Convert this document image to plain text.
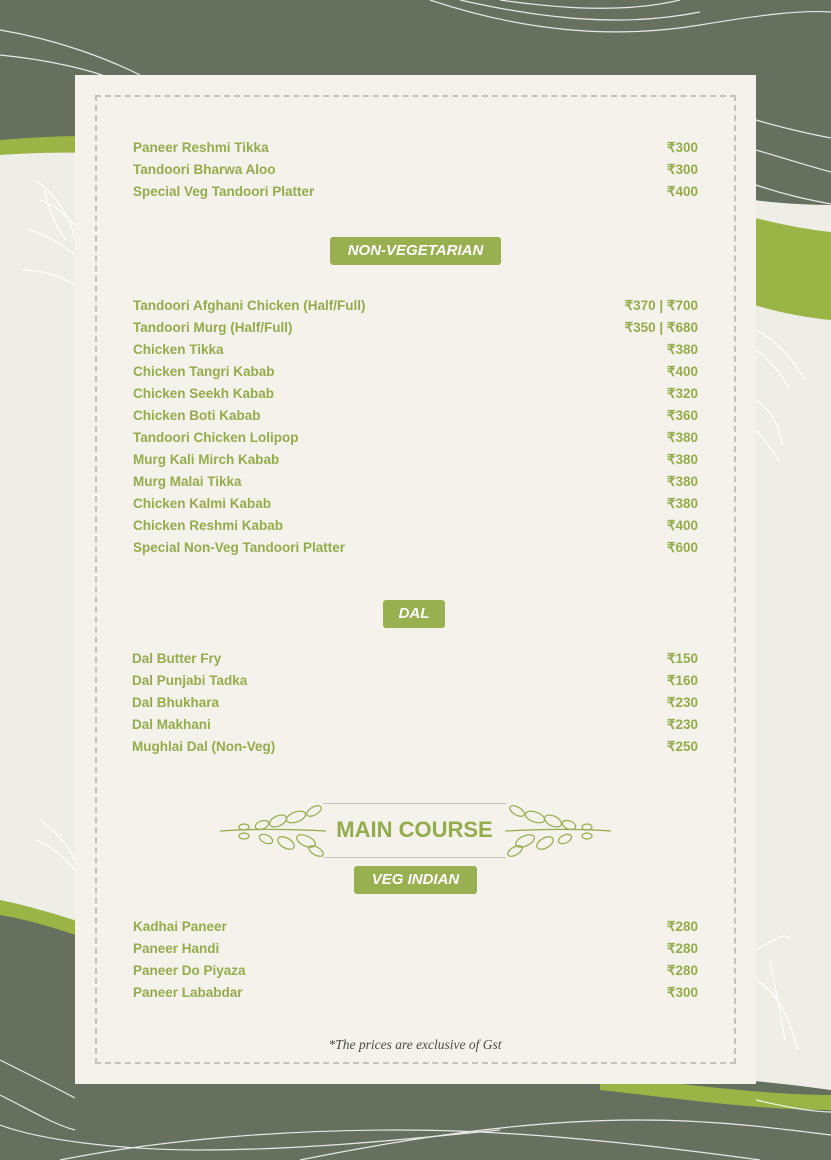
Paneer Reshmi Tikka	₹300
Tandoori Bharwa Aloo	₹300
Special Veg Tandoori Platter	₹400
NON-VEGETARIAN
Tandoori Afghani Chicken (Half/Full)	₹370 | ₹700
Tandoori Murg (Half/Full)	₹350 | ₹680
Chicken Tikka	₹380
Chicken Tangri Kabab	₹400
Chicken Seekh Kabab	₹320
Chicken Boti Kabab	₹360
Tandoori Chicken Lolipop	₹380
Murg Kali Mirch Kabab	₹380
Murg Malai Tikka	₹380
Chicken Kalmi Kabab	₹380
Chicken Reshmi Kabab	₹400
Special Non-Veg Tandoori Platter	₹600
DAL
Dal Butter Fry	₹150
Dal Punjabi Tadka	₹160
Dal Bhukhara	₹230
Dal Makhani	₹230
Mughlai Dal (Non-Veg)	₹250
MAIN COURSE
VEG INDIAN
Kadhai Paneer	₹280
Paneer Handi	₹280
Paneer Do Piyaza	₹280
Paneer Lababdar	₹300
*The prices are exclusive of Gst
